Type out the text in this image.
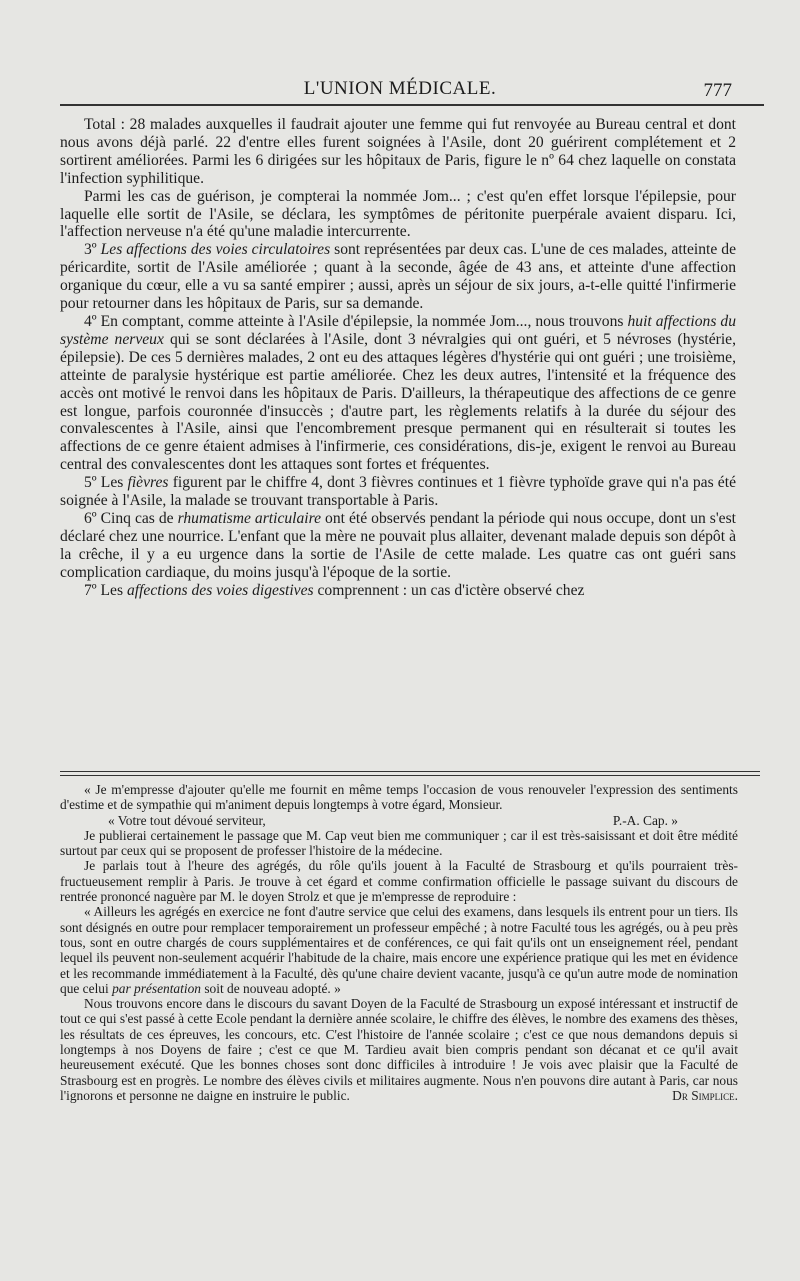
L'UNION MÉDICALE.	777

Total : 28 malades auxquelles il faudrait ajouter une femme qui fut renvoyée au Bureau central et dont nous avons déjà parlé. 22 d'entre elles furent soignées à l'Asile, dont 20 guérirent complétement et 2 sortirent améliorées. Parmi les 6 dirigées sur les hôpitaux de Paris, figure le nº 64 chez laquelle on constata l'infection syphilitique.

Parmi les cas de guérison, je compterai la nommée Jom... ; c'est qu'en effet lorsque l'épilepsie, pour laquelle elle sortit de l'Asile, se déclara, les symptômes de péritonite puerpérale avaient disparu. Ici, l'affection nerveuse n'a été qu'une maladie intercurrente.

3º Les affections des voies circulatoires sont représentées par deux cas. L'une de ces malades, atteinte de péricardite, sortit de l'Asile améliorée ; quant à la seconde, âgée de 43 ans, et atteinte d'une affection organique du cœur, elle a vu sa santé empirer ; aussi, après un séjour de six jours, a-t-elle quitté l'infirmerie pour retourner dans les hôpitaux de Paris, sur sa demande.

4º En comptant, comme atteinte à l'Asile d'épilepsie, la nommée Jom..., nous trouvons huit affections du système nerveux qui se sont déclarées à l'Asile, dont 3 névralgies qui ont guéri, et 5 névroses (hystérie, épilepsie). De ces 5 dernières malades, 2 ont eu des attaques légères d'hystérie qui ont guéri ; une troisième, atteinte de paralysie hystérique est partie améliorée. Chez les deux autres, l'intensité et la fréquence des accès ont motivé le renvoi dans les hôpitaux de Paris. D'ailleurs, la thérapeutique des affections de ce genre est longue, parfois couronnée d'insuccès ; d'autre part, les règlements relatifs à la durée du séjour des convalescentes à l'Asile, ainsi que l'encombrement presque permanent qui en résulterait si toutes les affections de ce genre étaient admises à l'infirmerie, ces considérations, dis-je, exigent le renvoi au Bureau central des convalescentes dont les attaques sont fortes et fréquentes.

5º Les fièvres figurent par le chiffre 4, dont 3 fièvres continues et 1 fièvre typhoïde grave qui n'a pas été soignée à l'Asile, la malade se trouvant transportable à Paris.

6º Cinq cas de rhumatisme articulaire ont été observés pendant la période qui nous occupe, dont un s'est déclaré chez une nourrice. L'enfant que la mère ne pouvait plus allaiter, devenant malade depuis son dépôt à la crêche, il y a eu urgence dans la sortie de l'Asile de cette malade. Les quatre cas ont guéri sans complication cardiaque, du moins jusqu'à l'époque de la sortie.

7º Les affections des voies digestives comprennent : un cas d'ictère observé chez

« Je m'empresse d'ajouter qu'elle me fournit en même temps l'occasion de vous renouveler l'expression des sentiments d'estime et de sympathie qui m'animent depuis longtemps à votre égard, Monsieur.

« Votre tout dévoué serviteur,	P.-A. Cap. »

Je publierai certainement le passage que M. Cap veut bien me communiquer ; car il est très-saisissant et doit être médité surtout par ceux qui se proposent de professer l'histoire de la médecine.

Je parlais tout à l'heure des agrégés, du rôle qu'ils jouent à la Faculté de Strasbourg et qu'ils pourraient très-fructueusement remplir à Paris. Je trouve à cet égard et comme confirmation officielle le passage suivant du discours de rentrée prononcé naguère par M. le doyen Strolz et que je m'empresse de reproduire :

« Ailleurs les agrégés en exercice ne font d'autre service que celui des examens, dans lesquels ils entrent pour un tiers. Ils sont désignés en outre pour remplacer temporairement un professeur empêché ; à notre Faculté tous les agrégés, ou à peu près tous, sont en outre chargés de cours supplémentaires et de conférences, ce qui fait qu'ils ont un enseignement réel, pendant lequel ils peuvent non-seulement acquérir l'habitude de la chaire, mais encore une expérience pratique qui les met en évidence et les recommande immédiatement à la Faculté, dès qu'une chaire devient vacante, jusqu'à ce qu'un autre mode de nomination que celui par présentation soit de nouveau adopté. »

Nous trouvons encore dans le discours du savant Doyen de la Faculté de Strasbourg un exposé intéressant et instructif de tout ce qui s'est passé à cette Ecole pendant la dernière année scolaire, le chiffre des élèves, le nombre des examens des thèses, les résultats de ces épreuves, les concours, etc. C'est l'histoire de l'année scolaire ; c'est ce que nous demandons depuis si longtemps à nos Doyens de faire ; c'est ce que M. Tardieu avait bien compris pendant son décanat et ce qu'il avait heureusement exécuté. Que les bonnes choses sont donc difficiles à introduire ! Je vois avec plaisir que la Faculté de Strasbourg est en progrès. Le nombre des élèves civils et militaires augmente. Nous n'en pouvons dire autant à Paris, car nous l'ignorons et personne ne daigne en instruire le public.	Dr Simplice.
